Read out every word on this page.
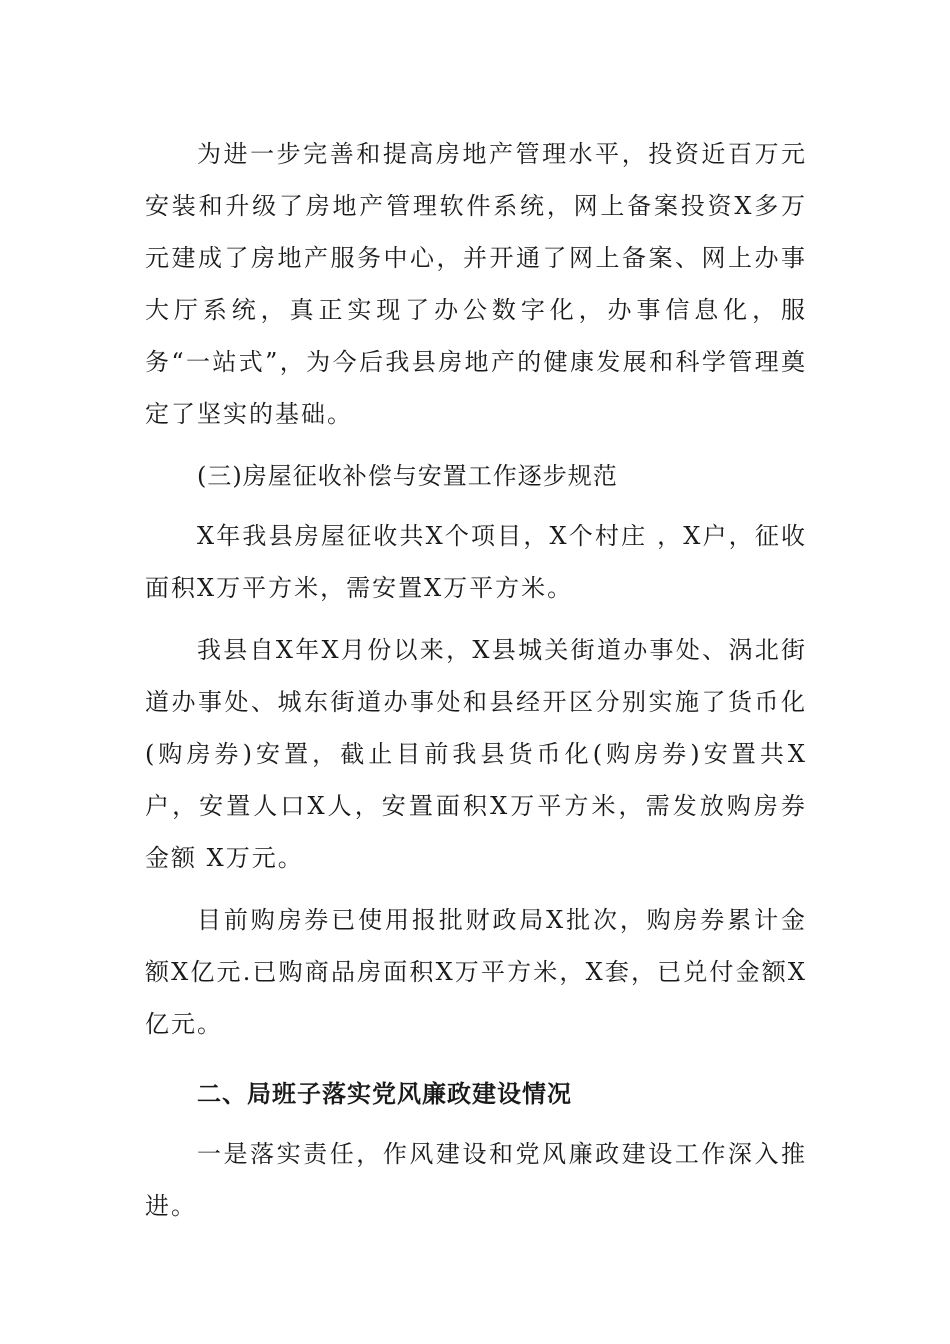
为进一步完善和提高房地产管理水平，投资近百万元安装和升级了房地产管理软件系统，网上备案投资X多万元建成了房地产服务中心，并开通了网上备案、网上办事大厅系统，真正实现了办公数字化，办事信息化，服务“一站式”，为今后我县房地产的健康发展和科学管理奠定了坚实的基础。

(三)房屋征收补偿与安置工作逐步规范

X年我县房屋征收共X个项目，X个村庄 ，X户，征收面积X万平方米，需安置X万平方米。

我县自X年X月份以来，X县城关街道办事处、涡北街道办事处、城东街道办事处和县经开区分别实施了货币化(购房券)安置，截止目前我县货币化(购房券)安置共X户，安置人口X人，安置面积X万平方米，需发放购房券金额 X万元。

目前购房券已使用报批财政局X批次，购房券累计金额X亿元.已购商品房面积X万平方米，X套，已兑付金额X亿元。

二、局班子落实党风廉政建设情况

一是落实责任，作风建设和党风廉政建设工作深入推进。
